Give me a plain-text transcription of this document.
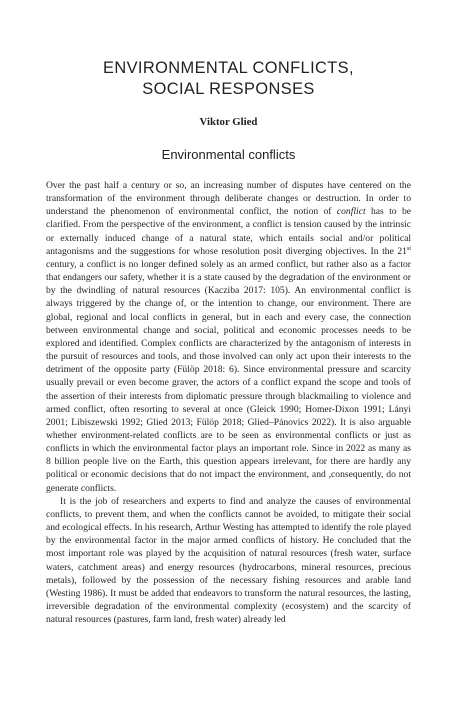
ENVIRONMENTAL CONFLICTS,
SOCIAL RESPONSES
Viktor Glied
Environmental conflicts

Over the past half a century or so, an increasing number of disputes have centered on the transformation of the environment through deliberate changes or destruction. In order to understand the phenomenon of environmental conflict, the notion of conflict has to be clarified. From the perspective of the environment, a conflict is tension caused by the intrinsic or externally induced change of a natural state, which entails social and/or political antagonisms and the suggestions for whose resolution posit diverging objectives. In the 21st century, a conflict is no longer defined solely as an armed conflict, but rather also as a factor that endangers our safety, whether it is a state caused by the degradation of the environment or by the dwindling of natural resources (Kacziba 2017: 105). An environmental conflict is always triggered by the change of, or the intention to change, our environment. There are global, regional and local conflicts in general, but in each and every case, the connection between environmental change and social, political and economic processes needs to be explored and identified. Complex conflicts are characterized by the antagonism of interests in the pursuit of resources and tools, and those involved can only act upon their interests to the detriment of the opposite party (Fülöp 2018: 6). Since environmental pressure and scarcity usually prevail or even become graver, the actors of a conflict expand the scope and tools of the assertion of their interests from diplomatic pressure through blackmailing to violence and armed conflict, often resorting to several at once (Gleick 1990; Homer-Dixon 1991; Lányi 2001; Libiszewski 1992; Glied 2013; Fülöp 2018; Glied–Pánovics 2022). It is also arguable whether environment-related conflicts are to be seen as environmental conflicts or just as conflicts in which the environmental factor plays an important role. Since in 2022 as many as 8 billion people live on the Earth, this question appears irrelevant, for there are hardly any political or economic decisions that do not impact the environment, and ,consequently, do not generate conflicts.

It is the job of researchers and experts to find and analyze the causes of environmental conflicts, to prevent them, and when the conflicts cannot be avoided, to mitigate their social and ecological effects. In his research, Arthur Westing has attempted to identify the role played by the environmental factor in the major armed conflicts of history. He concluded that the most important role was played by the acquisition of natural resources (fresh water, surface waters, catchment areas) and energy resources (hydrocarbons, mineral resources, precious metals), followed by the possession of the necessary fishing resources and arable land (Westing 1986). It must be added that endeavors to transform the natural resources, the lasting, irreversible degradation of the environmental complexity (ecosystem) and the scarcity of natural resources (pastures, farm land, fresh water) already led
